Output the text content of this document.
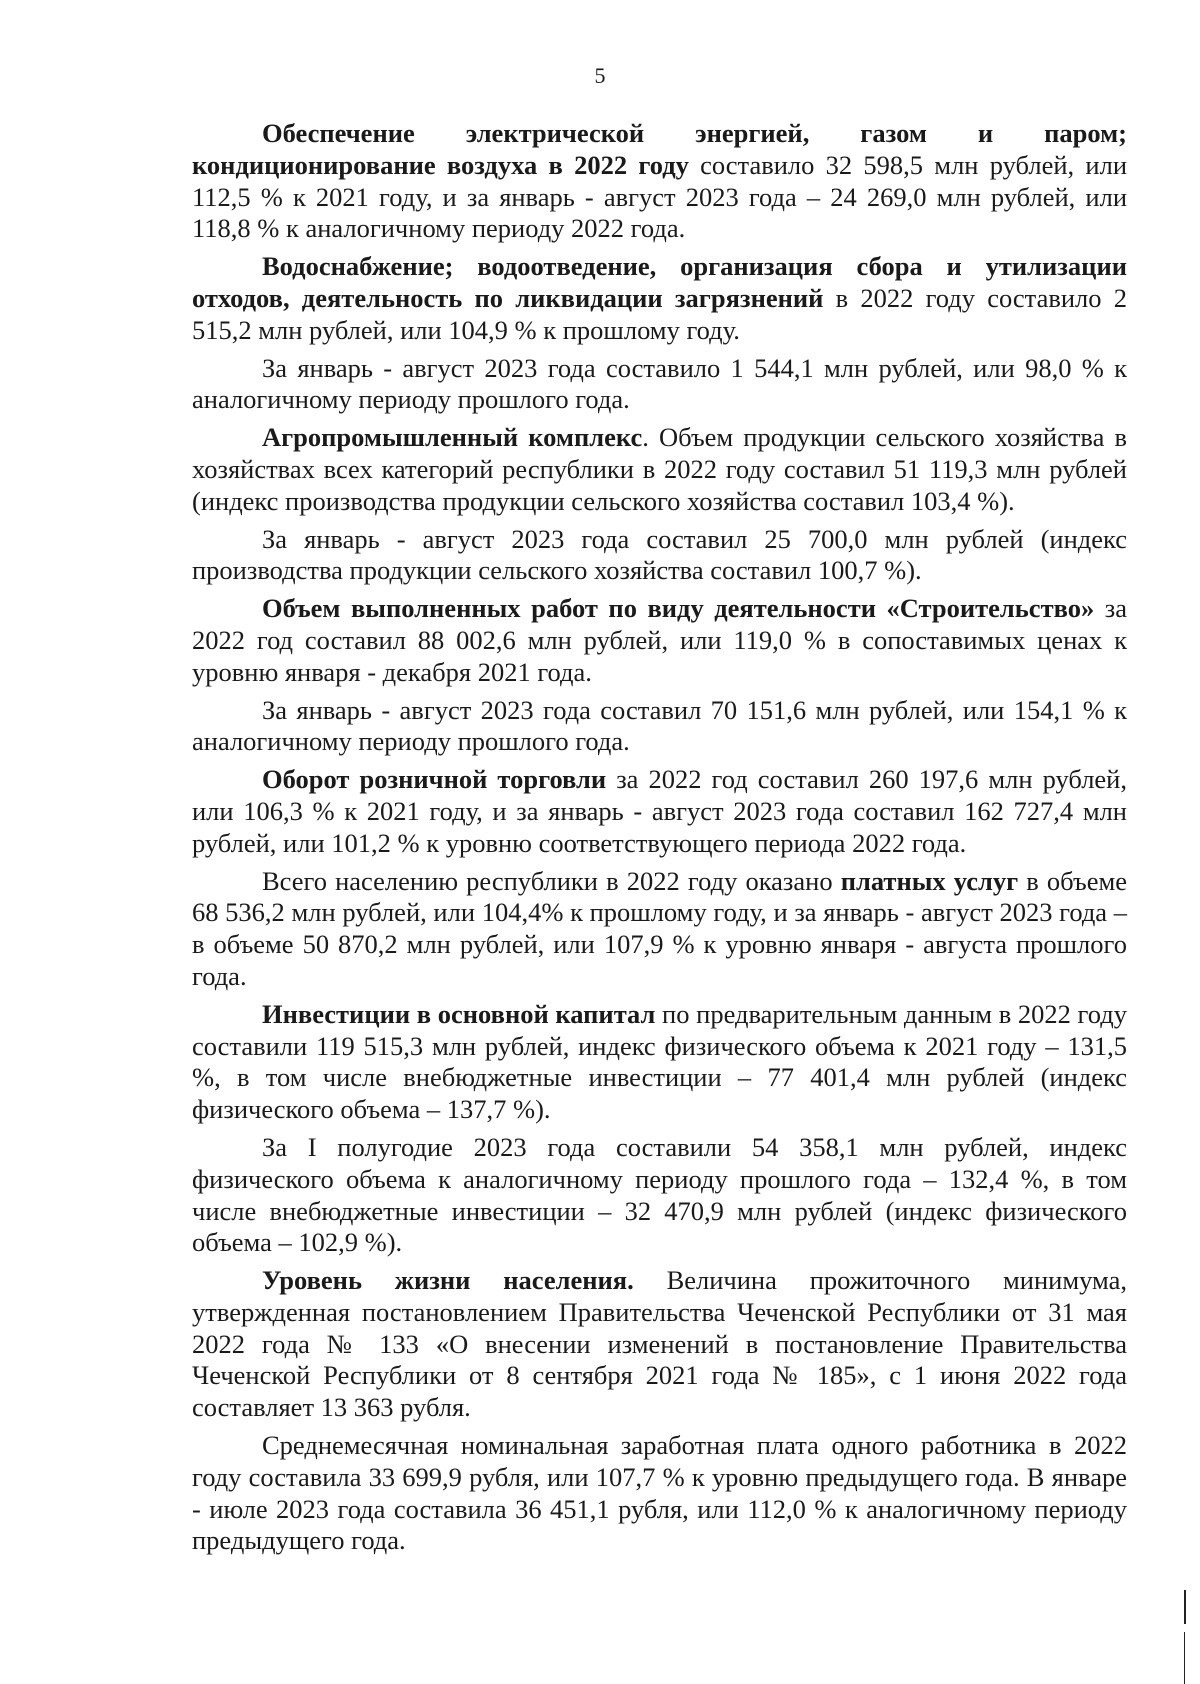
5

Обеспечение электрической энергией, газом и паром; кондиционирование воздуха в 2022 году составило 32 598,5 млн рублей, или 112,5 % к 2021 году, и за январь - август 2023 года – 24 269,0 млн рублей, или 118,8 % к аналогичному периоду 2022 года.

Водоснабжение; водоотведение, организация сбора и утилизации отходов, деятельность по ликвидации загрязнений в 2022 году составило 2 515,2 млн рублей, или 104,9 % к прошлому году.

За январь - август 2023 года составило 1 544,1 млн рублей, или 98,0 % к аналогичному периоду прошлого года.

Агропромышленный комплекс. Объем продукции сельского хозяйства в хозяйствах всех категорий республики в 2022 году составил 51 119,3 млн рублей (индекс производства продукции сельского хозяйства составил 103,4 %).

За январь - август 2023 года составил 25 700,0 млн рублей (индекс производства продукции сельского хозяйства составил 100,7 %).

Объем выполненных работ по виду деятельности «Строительство» за 2022 год составил 88 002,6 млн рублей, или 119,0 % в сопоставимых ценах к уровню января - декабря 2021 года.

За январь - август 2023 года составил 70 151,6 млн рублей, или 154,1 % к аналогичному периоду прошлого года.

Оборот розничной торговли за 2022 год составил 260 197,6 млн рублей, или 106,3 % к 2021 году, и за январь - август 2023 года составил 162 727,4 млн рублей, или 101,2 % к уровню соответствующего периода 2022 года.

Всего населению республики в 2022 году оказано платных услуг в объеме 68 536,2 млн рублей, или 104,4% к прошлому году, и за январь - август 2023 года – в объеме 50 870,2 млн рублей, или 107,9 % к уровню января - августа прошлого года.

Инвестиции в основной капитал по предварительным данным в 2022 году составили 119 515,3 млн рублей, индекс физического объема к 2021 году – 131,5 %, в том числе внебюджетные инвестиции – 77 401,4 млн рублей (индекс физического объема – 137,7 %).

За I полугодие 2023 года составили 54 358,1 млн рублей, индекс физического объема к аналогичному периоду прошлого года – 132,4 %, в том числе внебюджетные инвестиции – 32 470,9 млн рублей (индекс физического объема – 102,9 %).

Уровень жизни населения. Величина прожиточного минимума, утвержденная постановлением Правительства Чеченской Республики от 31 мая 2022 года № 133 «О внесении изменений в постановление Правительства Чеченской Республики от 8 сентября 2021 года № 185», с 1 июня 2022 года составляет 13 363 рубля.

Среднемесячная номинальная заработная плата одного работника в 2022 году составила 33 699,9 рубля, или 107,7 % к уровню предыдущего года. В январе - июле 2023 года составила 36 451,1 рубля, или 112,0 % к аналогичному периоду предыдущего года.
